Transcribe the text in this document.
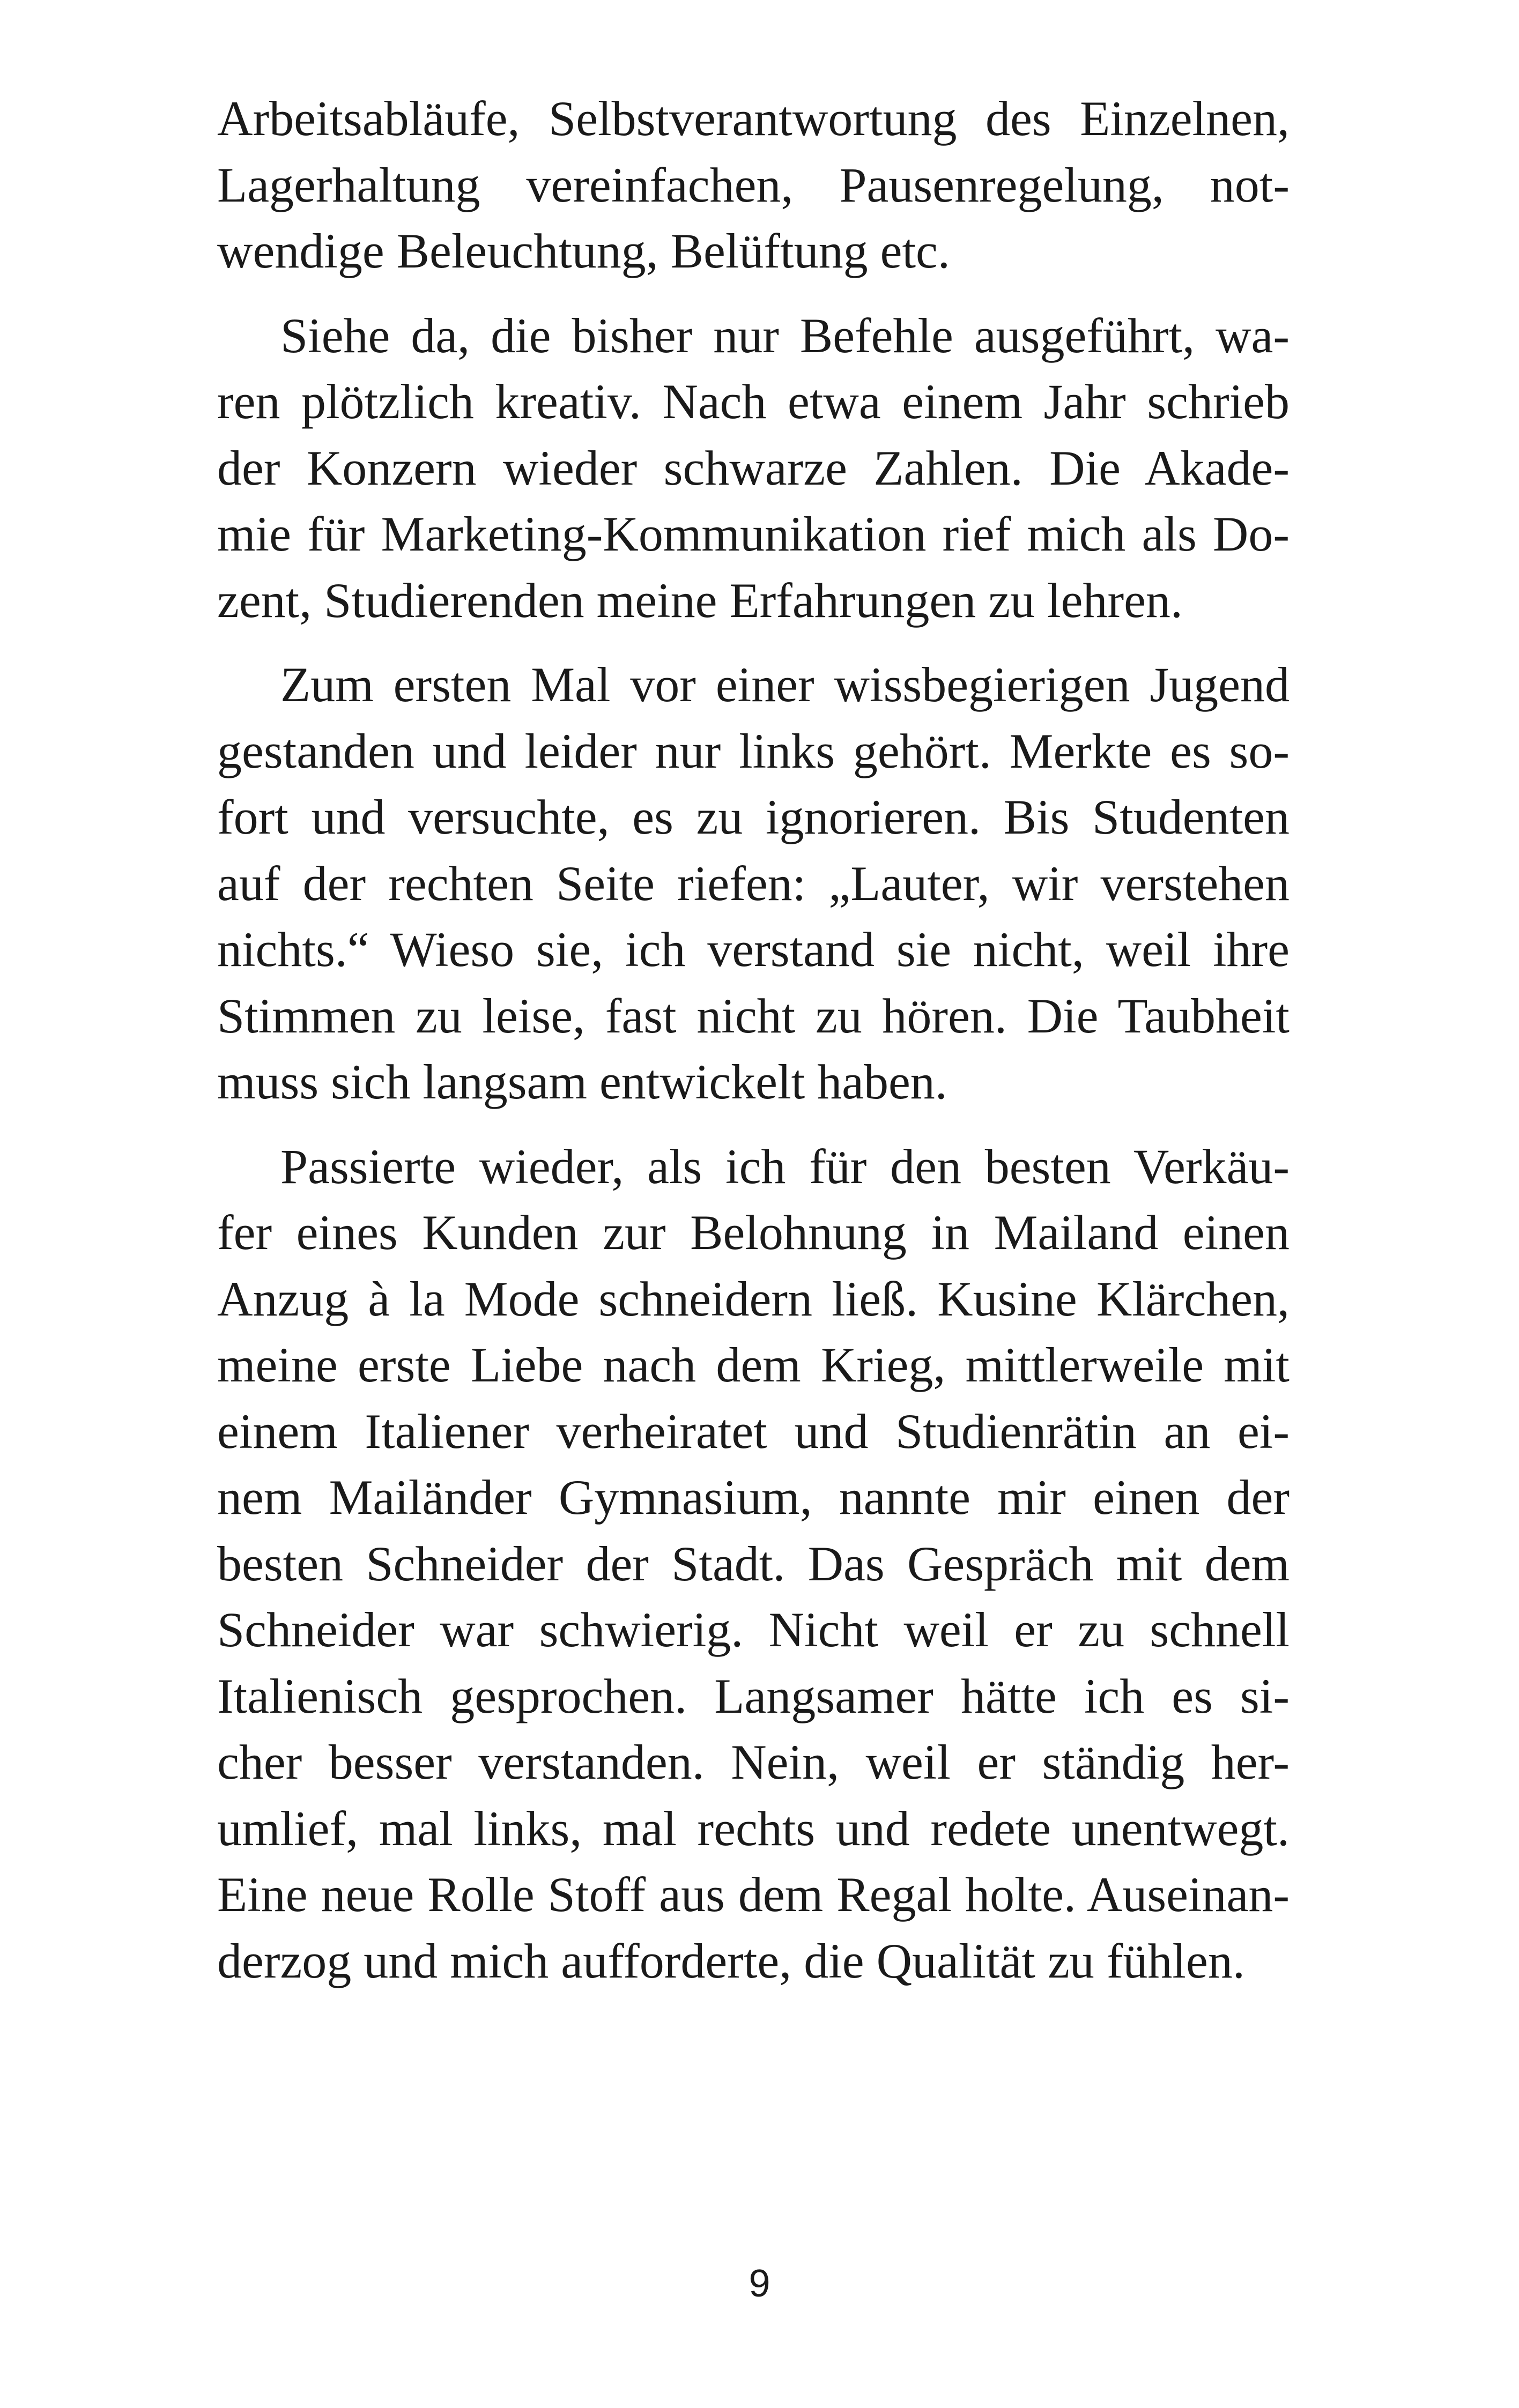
Arbeitsabläufe, Selbstverantwortung des Einzelnen,
Lagerhaltung vereinfachen, Pausenregelung, not-
wendige Beleuchtung, Belüftung etc.
Siehe da, die bisher nur Befehle ausgeführt, wa-
ren plötzlich kreativ. Nach etwa einem Jahr schrieb
der Konzern wieder schwarze Zahlen. Die Akade-
mie für Marketing-Kommunikation rief mich als Do-
zent, Studierenden meine Erfahrungen zu lehren.
Zum ersten Mal vor einer wissbegierigen Jugend
gestanden und leider nur links gehört. Merkte es so-
fort und versuchte, es zu ignorieren. Bis Studenten
auf der rechten Seite riefen: „Lauter, wir verstehen
nichts.“ Wieso sie, ich verstand sie nicht, weil ihre
Stimmen zu leise, fast nicht zu hören. Die Taubheit
muss sich langsam entwickelt haben.
Passierte wieder, als ich für den besten Verkäu-
fer eines Kunden zur Belohnung in Mailand einen
Anzug à la Mode schneidern ließ. Kusine Klärchen,
meine erste Liebe nach dem Krieg, mittlerweile mit
einem Italiener verheiratet und Studienrätin an ei-
nem Mailänder Gymnasium, nannte mir einen der
besten Schneider der Stadt. Das Gespräch mit dem
Schneider war schwierig. Nicht weil er zu schnell
Italienisch gesprochen. Langsamer hätte ich es si-
cher besser verstanden. Nein, weil er ständig her-
umlief, mal links, mal rechts und redete unentwegt.
Eine neue Rolle Stoff aus dem Regal holte. Auseinan-
derzog und mich aufforderte, die Qualität zu fühlen.
9
